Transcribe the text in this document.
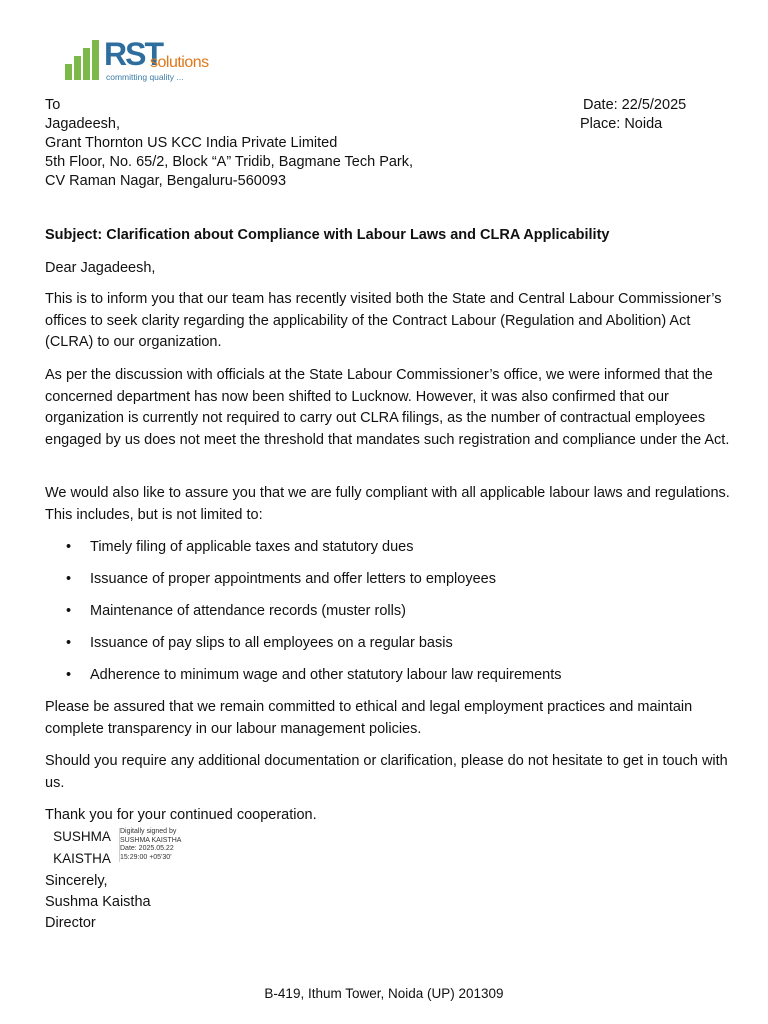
RST
solutions
committing quality ...
To
Jagadeesh,
Grant Thornton US KCC India Private Limited
5th Floor, No. 65/2, Block “A” Tridib, Bagmane Tech Park,
CV Raman Nagar, Bengaluru-560093
Date: 22/5/2025
Place: Noida
Subject: Clarification about Compliance with Labour Laws and CLRA Applicability
Dear Jagadeesh,
This is to inform you that our team has recently visited both the State and Central Labour Commissioner’s offices to seek clarity regarding the applicability of the Contract Labour (Regulation and Abolition) Act (CLRA) to our organization.
As per the discussion with officials at the State Labour Commissioner’s office, we were informed that the concerned department has now been shifted to Lucknow. However, it was also confirmed that our organization is currently not required to carry out CLRA filings, as the number of contractual employees engaged by us does not meet the threshold that mandates such registration and compliance under the Act.
We would also like to assure you that we are fully compliant with all applicable labour laws and regulations. This includes, but is not limited to:
• Timely filing of applicable taxes and statutory dues
• Issuance of proper appointments and offer letters to employees
• Maintenance of attendance records (muster rolls)
• Issuance of pay slips to all employees on a regular basis
• Adherence to minimum wage and other statutory labour law requirements
Please be assured that we remain committed to ethical and legal employment practices and maintain complete transparency in our labour management policies.
Should you require any additional documentation or clarification, please do not hesitate to get in touch with us.
Thank you for your continued cooperation.
SUSHMA
KAISTHA
Digitally signed by
SUSHMA KAISTHA
Date: 2025.05.22
15:29:00 +05'30'
Sincerely,
Sushma Kaistha
Director
B-419, Ithum Tower, Noida (UP) 201309
